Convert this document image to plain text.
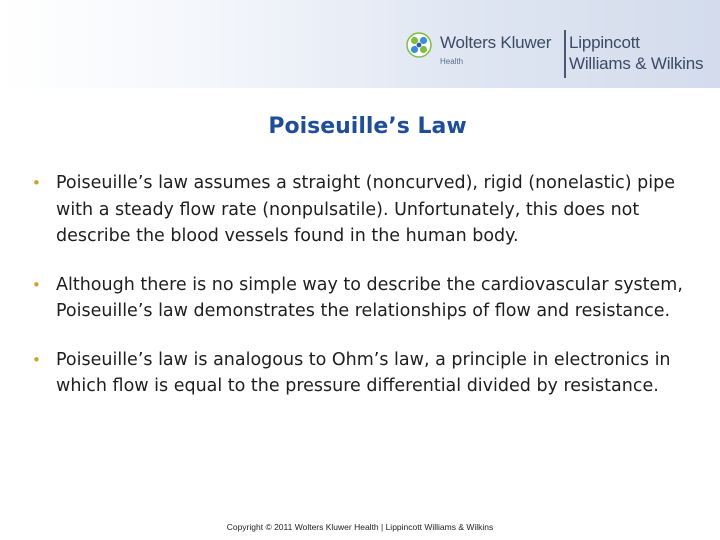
Wolters Kluwer
Health
Lippincott
Williams & Wilkins
Poiseuille’s Law
• Poiseuille’s law assumes a straight (noncurved), rigid (nonelastic) pipe with a steady flow rate (nonpulsatile). Unfortunately, this does not describe the blood vessels found in the human body.
• Although there is no simple way to describe the cardiovascular system, Poiseuille’s law demonstrates the relationships of flow and resistance.
• Poiseuille’s law is analogous to Ohm’s law, a principle in electronics in which flow is equal to the pressure differential divided by resistance.
Copyright © 2011 Wolters Kluwer Health | Lippincott Williams & Wilkins
